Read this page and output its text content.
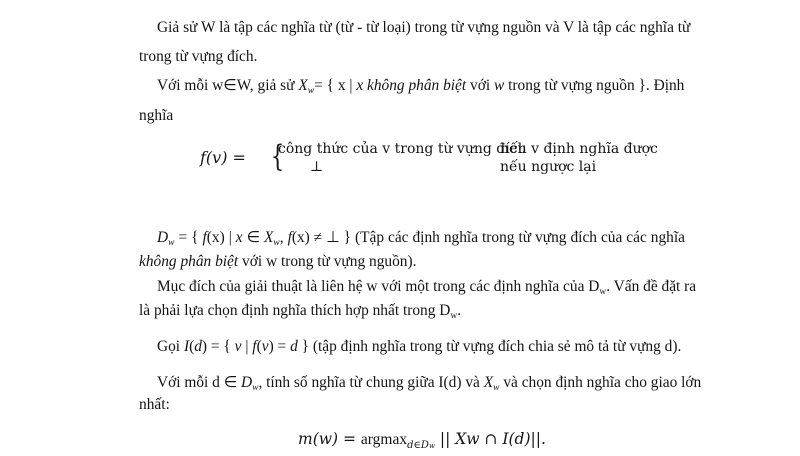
Giả sử W là tập các nghĩa từ (từ - từ loại) trong từ vựng nguồn và V là tập các nghĩa từ
trong từ vựng đích.
Với mỗi w∈W, giả sử $X_w=$ { x | x không phân biệt với w trong từ vựng nguồn }. Định
nghĩa
f(v) = {
công thức của v trong từ vựng đích
⊥
nếu v định nghĩa được
nếu ngược lại
$D_w$ = { f(x) | x ∈ $X_w$, f(x) ≠ ⊥ } (Tập các định nghĩa trong từ vựng đích của các nghĩa
không phân biệt với w trong từ vựng nguồn).
Mục đích của giải thuật là liên hệ w với một trong các định nghĩa của $D_w$. Vấn đề đặt ra
là phải lựa chọn định nghĩa thích hợp nhất trong $D_w$.
Gọi I(d) = { v | f(v) = d } (tập định nghĩa trong từ vựng đích chia sẻ mô tả từ vựng d).
Với mỗi d ∈ $D_w$, tính số nghĩa từ chung giữa I(d) và $X_w$ và chọn định nghĩa cho giao lớn
nhất:
m(w) = argmax$_{d\in Dw}$ || Xw ∩ I(d)||.
